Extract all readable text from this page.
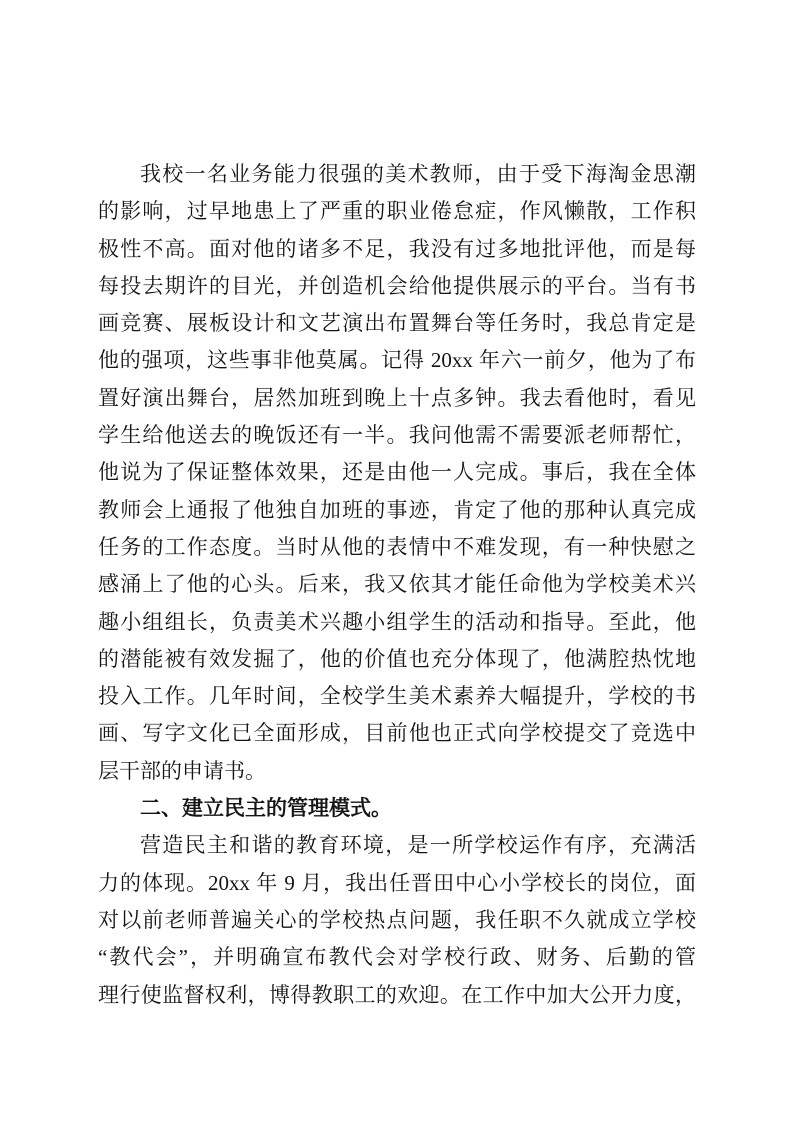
我校一名业务能力很强的美术教师，由于受下海淘金思潮
的影响，过早地患上了严重的职业倦怠症，作风懒散，工作积
极性不高。面对他的诸多不足，我没有过多地批评他，而是每
每投去期许的目光，并创造机会给他提供展示的平台。当有书
画竞赛、展板设计和文艺演出布置舞台等任务时，我总肯定是
他的强项，这些事非他莫属。记得 20xx 年六一前夕，他为了布
置好演出舞台，居然加班到晚上十点多钟。我去看他时，看见
学生给他送去的晚饭还有一半。我问他需不需要派老师帮忙，
他说为了保证整体效果，还是由他一人完成。事后，我在全体
教师会上通报了他独自加班的事迹，肯定了他的那种认真完成
任务的工作态度。当时从他的表情中不难发现，有一种快慰之
感涌上了他的心头。后来，我又依其才能任命他为学校美术兴
趣小组组长，负责美术兴趣小组学生的活动和指导。至此，他
的潜能被有效发掘了，他的价值也充分体现了，他满腔热忱地
投入工作。几年时间，全校学生美术素养大幅提升，学校的书
画、写字文化已全面形成，目前他也正式向学校提交了竞选中
层干部的申请书。
二、建立民主的管理模式。
营造民主和谐的教育环境，是一所学校运作有序，充满活
力的体现。20xx 年 9 月，我出任晋田中心小学校长的岗位，面
对以前老师普遍关心的学校热点问题，我任职不久就成立学校
“教代会”，并明确宣布教代会对学校行政、财务、后勤的管
理行使监督权利，博得教职工的欢迎。在工作中加大公开力度，
